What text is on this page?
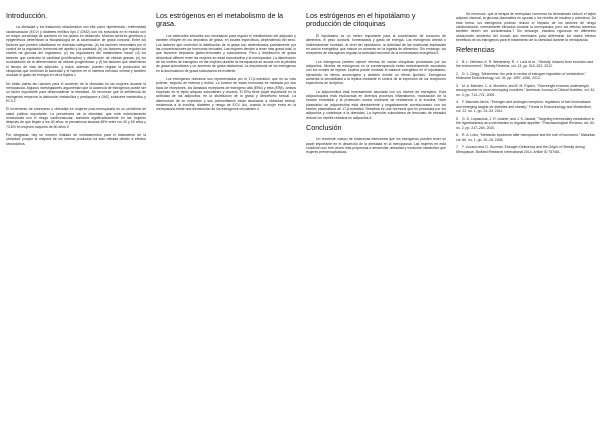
Introducción.

La obesidad y los trastornos relacionados con ella como hipertensión, enfermedad cardiovascular (ECV) y diabetes mellitus tipo 2 (DM2) son los episodios en el mundo con un mayor porcentaje de aumento en los países en desarrollo. Muchos factores genéticos y epigenéticos determinan la fisiopatología de la acumulación de grasa corporal. Entre los factores que pueden clasificarse en diversas categorías: (a) los factores neuronales por el control de la regulación hormonal del apetito y la saciedad; (b) los factores que regulan los niveles de glucosa del organismo; (c) los reguladores del metabolismo basal; (d) los factores que controlan la cantidad (proliferación) y distribución de células grasas; (e) los moduladores de la diferenciación de células progenitoras; y (f) los factores que determinan el tiempo de vida del adipocito, y estos, además, pueden regular la producción de citoquinas que controlan la saciedad y el hambre en el sistema nervioso central y también modular el gasto de energía en otros tejidos.1

No están claras las razones para el aumento de la obesidad en las mujeres durante la menopausia. Algunos investigadores argumentan que la ausencia de estrógenos puede ser un factor importante para desencadenar la obesidad. Se reconoce que la deficiencia de estrógenos empeora la disfunción metabólica y predispone a DM2, síndrome metabólico y ECV.2

El incremento de sobrepeso y obesidad en mujeres post-menopausia es un problema de salud pública importante. La prevalencia de la obesidad, que está estrechamente relacionada con el riesgo cardiovascular, aumenta significativamente en las mujeres después de que llegan a los 40 años; la prevalencia alcanza 65% entre los 40 y 59 años y 73.8% en mujeres mayores de 60 años.3

Por desgracia, hay un número limitado de medicamentos para el tratamiento de la obesidad, porque la mayoría de los nuevos productos ha sido retirada debido a efectos secundarios.

Los estrógenos en el metabolismo de la grasa.

Los esteroides sexuales son necesarios para regular el metabolismo del adipocito y también influyen en los depósitos de grasa, en locales específicos, dependiendo del sexo. Los factores que controlan la distribución de la grasa son determinados parcialmente por las concentraciones de hormonas sexuales. Las mujeres tienden a tener más grasa total, lo que favorece depósitos glúteo-femorales y subcutáneos. Pero y distribución de grasa abdominal difieren entre las mujeres en edad reproductiva y la menopausia. La disminución de los niveles de estrógeno en las mujeres durante la menopausia se asocia con la pérdida de grasa subcutánea y un aumento de grasa abdominal. La importancia de los estrógenos en la acumulación de grasa subcutánea es evidente.

Los estrógenos humanos son representados por el 17-β-estradiol, que es su más potente, seguido de estrona y estriol. La función de estas hormonas es mediada por dos tipos de receptores, los llamados receptores de estrógeno alfa (ERα) y beta (ERβ), ambos expresan en el tejido adiposo subcutáneo y visceral. El ERα tiene papel importante en la actividad de los adipocitos, en la distribución de la grasa y dimorfismo sexual. La disminución de su expresión y sus polimorfismos están asociados a obesidad central, resistencia a la insulina, diabetes y riesgo de ECV. Así, cuando la mujer entra en la menopausia existe una disminución de los estrógenos circulantes.4

Los estrógenos en el hipotálamo y producción de citoquinas

El hipotálamo es un centro importante para la coordinación de consumo de alimentos, el peso corporal, homeostasis y gasto de energía. Los estrógenos directa o indirectamente modulan, al nivel del hipotálamo, la actividad de las moléculas implicadas en acción energética, que induce un aumento en la ingesta de alimentos. Sin embargo, los receptores de estrógenos regulan la actividad neuronal de la homeostasis energética.5

Los estrógenos pueden ejercer efectos en varias citoquinas producidas por los adipocitos. Niveles de estrógenos en la premenopausia están estrechamente asociados con los niveles de leptina. Leptina puede modular el balance energético en el hipotálamo, ejerciendo un efecto anorexígeno y también exhibe un efecto lipolítico. Estrógenos aumenta la sensibilidad a la leptina mediante el control de la expresión de los receptores específicos de la leptina.

La adiponectina está inversamente asociada con los niveles de estrógeno. Esta adipocitoquina está involucrada en diversos procesos inflamatorios, modulación de la función endotelial y la protección contra síndrome de resistencia a la insulina. Nivel plasmático de adiponectina está directamente y negativamente correlacionado con los niveles plasmáticos de 17-β-estradiol. Resistina es una hormona que es producida por los adipocitos y contribuye a la obesidad. La inyección subcutánea de benzoato de estradiol reduce los niveles resistina en adipocitos.6

Conclusión

Un creciente cuerpo de evidencias demuestra que los estrógenos pueden tener un papel importante en el desarrollo de la obesidad en la menopausia. Las mujeres en esta condición son tres veces más propensas a desarrollar obesidad y síndrome metabólico que mujeres premenopáusicas.

Se reconoce, que la terapia de reemplazo hormonal ha demostrado reducir el tejido adiposo visceral, la glucosa plasmática en ayunas y los niveles de insulina y colesterol. De esta forma, los estrógenos podrían reducir el impacto de los factores de riesgo cardiovascular, normalmente elevados durante la menopausia, pero los efectos adversos también deben ser considerados.7 Sin embargo, estudios rigurosos en diferentes ubicaciones alrededor del mundo son esenciales para determinar los reales efectos benéficos de los estrógenos para el tratamiento de la obesidad durante la menopausia.

Referencias
1. B. L. Heilman, K. R. Westerterp, R. J. Loos et al., “Obesity: lessons from evolution and the environment,” Obesity Reviews, vol. 13, pp. 910–922, 2012.
2. D. J. Clegg, “Minireview: the year in review of estrogen regulation of metabolism,” Molecular Endocrinology, vol. 26, pp. 1957–1960, 2012.
3. M. A. Mendez, C. A. Monteiro, and B. M. Popkin, “Overweight exceeds underweight among women in most developing countries,” American Journal of Clinical Nutrition, vol. 81, no. 3, pp. 714–721, 2005.
4. F. Mauvais-Jarvis, “Estrogen and androgen receptors: regulators of fuel homeostasis and emerging targets for diabetes and obesity,” Trends in Endocrinology and Metabolism, vol. 22, no. 1, pp. 24–33, 2011.
5. G. D. Lopaschuk, J. R. Ussher, and J. S. Jaswal, “Targeting intermediary metabolism in the hypothalamus as a mechanism to regulate appetite,” Pharmacological Reviews, vol. 62, no. 2, pp. 237–264, 2010.
6. R. A. Lobo, “Metabolic syndrome after menopause and the role of hormones,” Maturitas, vol. 60, no. 1, pp. 10–18, 2008.
7. F. Lizcano and G. Guzmán. Estrogen Deficiency and the Origin of Obesity during Menopause. BioMed Research International 2014. Article ID 757461.
